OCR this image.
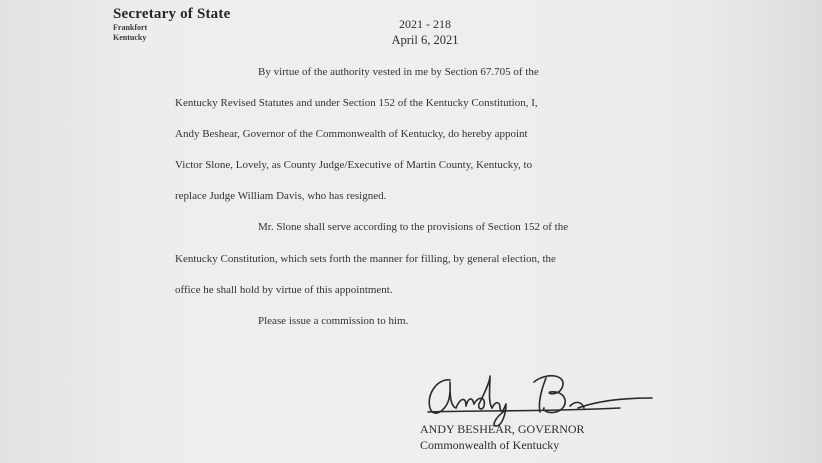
Secretary of State
Frankfort
Kentucky
2021 - 218
April 6, 2021
By virtue of the authority vested in me by Section 67.705 of the
Kentucky Revised Statutes and under Section 152 of the Kentucky Constitution, I,
Andy Beshear, Governor of the Commonwealth of Kentucky, do hereby appoint
Victor Slone, Lovely, as County Judge/Executive of Martin County, Kentucky, to
replace Judge William Davis, who has resigned.
Mr. Slone shall serve according to the provisions of Section 152 of the
Kentucky Constitution, which sets forth the manner for filling, by general election, the
office he shall hold by virtue of this appointment.
Please issue a commission to him.
ANDY BESHEAR, GOVERNOR
Commonwealth of Kentucky
